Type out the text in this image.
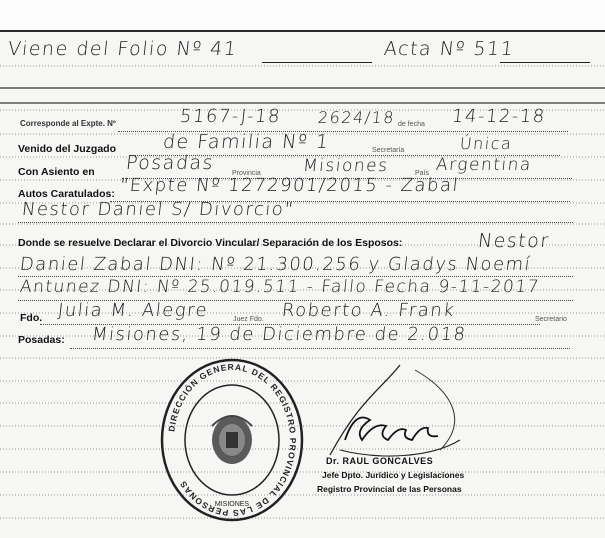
Viene del Folio Nº 41	Acta Nº 511
Corresponde al Expte. Nº	5167-J-18 2624/18 de fecha 14-12-18
Venido del Juzgado de Familia Nº 1	Secretaría	Única
Con Asiento en Posadas Provincia Misiones	País Argentina
Autos Caratulados: "Expte Nº 1272901/2015 - Zabal
Nestor Daniel S/ Divorcio"
Donde se resuelve Declarar el Divorcio Vincular/ Separación de los Esposos:	Nestor
Daniel Zabal DNI: Nº 21.300.256 y Gladys Noemí
Antunez DNI: Nº 25.019.511 - Fallo Fecha 9-11-2017
Fdo. Julia M. Alegre	Juez Fdo. Roberto A. Frank	Secretario
Posadas: Misiones, 19 de Diciembre de 2.018
DIRECCIÓN GENERAL DEL REGISTRO PROVINCIAL DE LAS PERSONAS
MISIONES
Dr. RAUL GONCALVES
Jefe Dpto. Jurídico y Legislaciones
Registro Provincial de las Personas
